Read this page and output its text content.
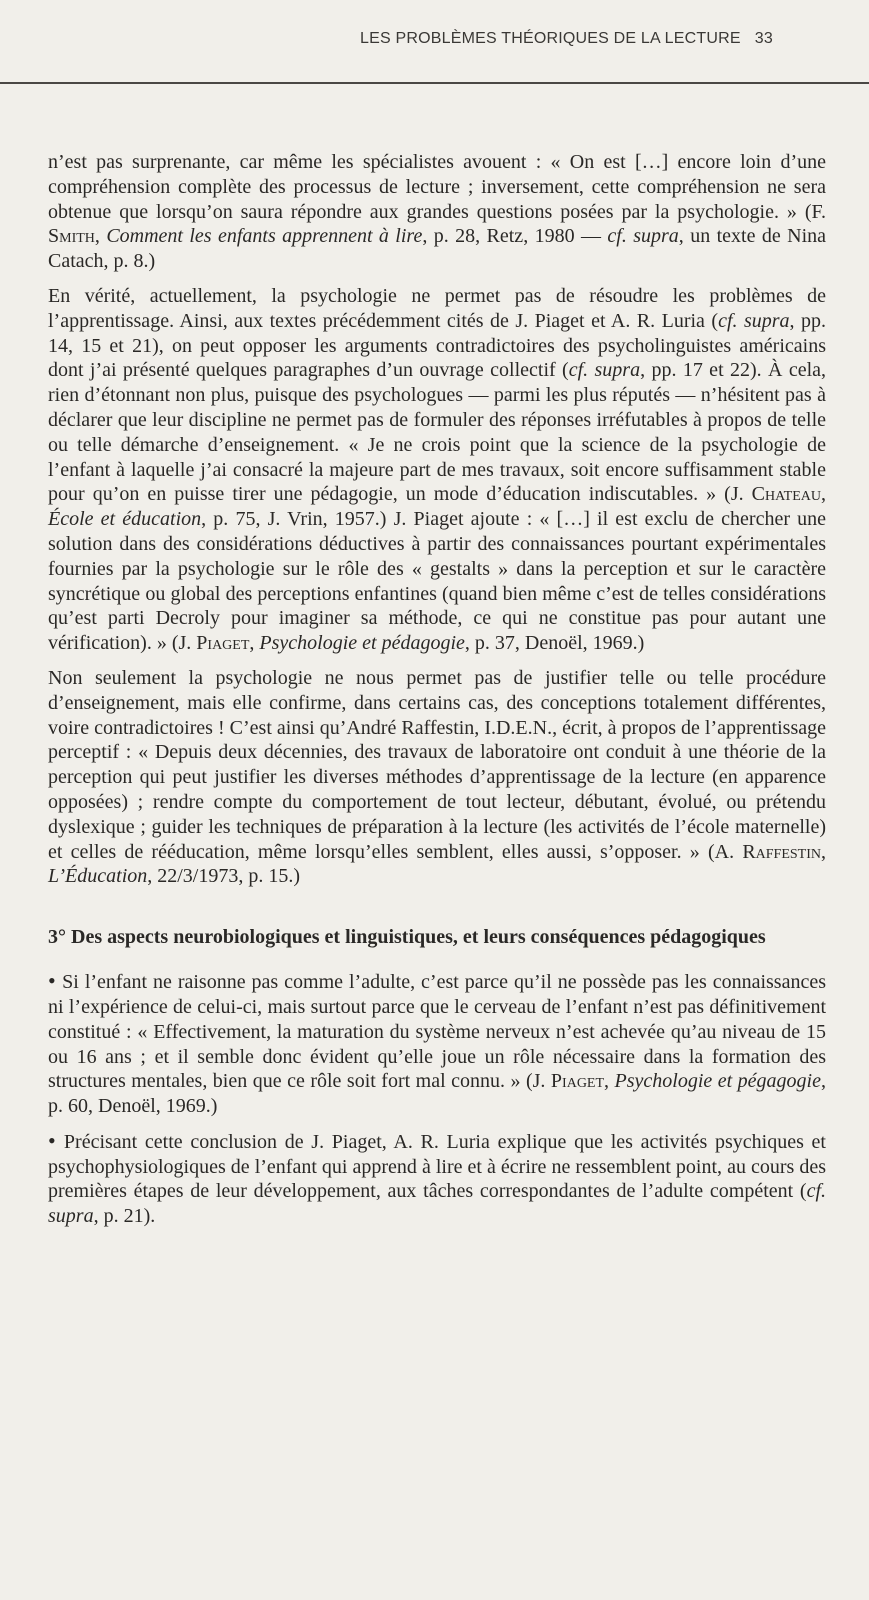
LES PROBLÈMES THÉORIQUES DE LA LECTURE 33

n’est pas surprenante, car même les spécialistes avouent : « On est […] encore loin d’une compréhension complète des processus de lecture ; inversement, cette compréhension ne sera obtenue que lorsqu’on saura répondre aux grandes questions posées par la psychologie. » (F. Smith, Comment les enfants apprennent à lire, p. 28, Retz, 1980 — cf. supra, un texte de Nina Catach, p. 8.)

En vérité, actuellement, la psychologie ne permet pas de résoudre les problèmes de l’apprentissage. Ainsi, aux textes précédemment cités de J. Piaget et A. R. Luria (cf. supra, pp. 14, 15 et 21), on peut opposer les arguments contradictoires des psycholinguistes américains dont j’ai présenté quelques paragraphes d’un ouvrage collectif (cf. supra, pp. 17 et 22). À cela, rien d’étonnant non plus, puisque des psychologues — parmi les plus réputés — n’hésitent pas à déclarer que leur discipline ne permet pas de formuler des réponses irréfutables à propos de telle ou telle démarche d’enseignement. « Je ne crois point que la science de la psychologie de l’enfant à laquelle j’ai consacré la majeure part de mes travaux, soit encore suffisamment stable pour qu’on en puisse tirer une pédagogie, un mode d’éducation indiscutables. » (J. Chateau, École et éducation, p. 75, J. Vrin, 1957.) J. Piaget ajoute : « […] il est exclu de chercher une solution dans des considérations déductives à partir des connaissances pourtant expérimentales fournies par la psychologie sur le rôle des « gestalts » dans la perception et sur le caractère syncrétique ou global des perceptions enfantines (quand bien même c’est de telles considérations qu’est parti Decroly pour imaginer sa méthode, ce qui ne constitue pas pour autant une vérification). » (J. Piaget, Psychologie et pédagogie, p. 37, Denoël, 1969.)

Non seulement la psychologie ne nous permet pas de justifier telle ou telle procédure d’enseignement, mais elle confirme, dans certains cas, des conceptions totalement différentes, voire contradictoires ! C’est ainsi qu’André Raffestin, I.D.E.N., écrit, à propos de l’apprentissage perceptif : « Depuis deux décennies, des travaux de laboratoire ont conduit à une théorie de la perception qui peut justifier les diverses méthodes d’apprentissage de la lecture (en apparence opposées) ; rendre compte du comportement de tout lecteur, débutant, évolué, ou prétendu dyslexique ; guider les techniques de préparation à la lecture (les activités de l’école maternelle) et celles de rééducation, même lorsqu’elles semblent, elles aussi, s’opposer. » (A. Raffestin, L’Éducation, 22/3/1973, p. 15.)

3° Des aspects neurobiologiques et linguistiques, et leurs conséquences pédagogiques

• Si l’enfant ne raisonne pas comme l’adulte, c’est parce qu’il ne possède pas les connaissances ni l’expérience de celui-ci, mais surtout parce que le cerveau de l’enfant n’est pas définitivement constitué : « Effectivement, la maturation du système nerveux n’est achevée qu’au niveau de 15 ou 16 ans ; et il semble donc évident qu’elle joue un rôle nécessaire dans la formation des structures mentales, bien que ce rôle soit fort mal connu. » (J. Piaget, Psychologie et pégagogie, p. 60, Denoël, 1969.)

• Précisant cette conclusion de J. Piaget, A. R. Luria explique que les activités psychiques et psychophysiologiques de l’enfant qui apprend à lire et à écrire ne ressemblent point, au cours des premières étapes de leur développement, aux tâches correspondantes de l’adulte compétent (cf. supra, p. 21).
